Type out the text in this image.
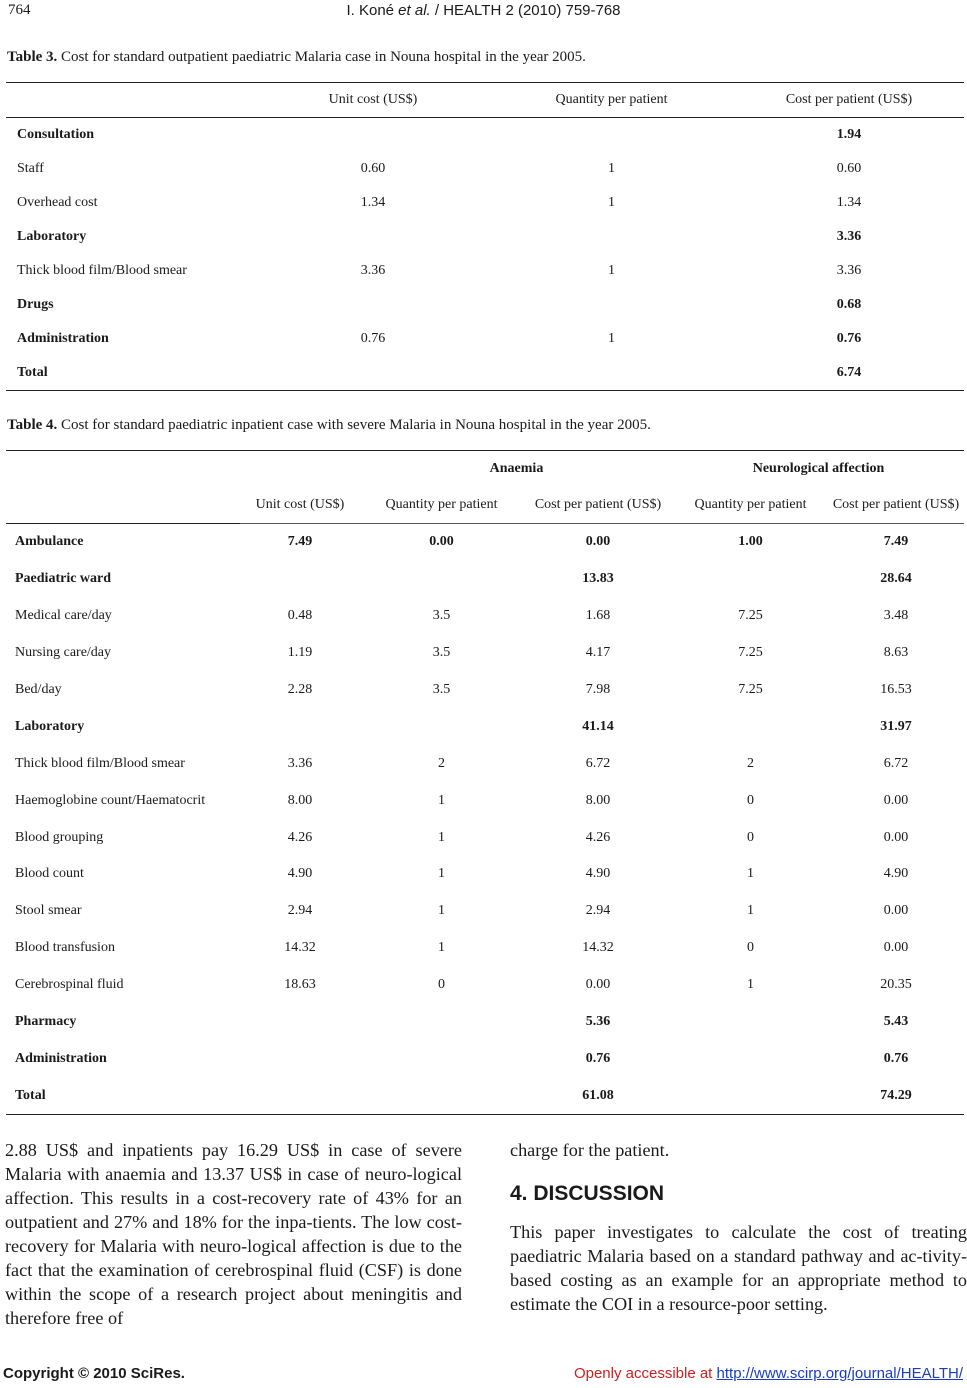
764	I. Koné et al. / HEALTH 2 (2010) 759-768
Table 3. Cost for standard outpatient paediatric Malaria case in Nouna hospital in the year 2005.
	Unit cost (US$)	Quantity per patient	Cost per patient (US$)
Consultation			1.94
Staff	0.60	1	0.60
Overhead cost	1.34	1	1.34
Laboratory			3.36
Thick blood film/Blood smear	3.36	1	3.36
Drugs			0.68
Administration	0.76	1	0.76
Total			6.74
Table 4. Cost for standard paediatric inpatient case with severe Malaria in Nouna hospital in the year 2005.
		Anaemia		Neurological affection	
	Unit cost (US$)	Quantity per patient	Cost per patient (US$)	Quantity per patient	Cost per patient (US$)
Ambulance	7.49	0.00	0.00	1.00	7.49
Paediatric ward			13.83		28.64
Medical care/day	0.48	3.5	1.68	7.25	3.48
Nursing care/day	1.19	3.5	4.17	7.25	8.63
Bed/day	2.28	3.5	7.98	7.25	16.53
Laboratory			41.14		31.97
Thick blood film/Blood smear	3.36	2	6.72	2	6.72
Haemoglobine count/Haematocrit	8.00	1	8.00	0	0.00
Blood grouping	4.26	1	4.26	0	0.00
Blood count	4.90	1	4.90	1	4.90
Stool smear	2.94	1	2.94	1	0.00
Blood transfusion	14.32	1	14.32	0	0.00
Cerebrospinal fluid	18.63	0	0.00	1	20.35
Pharmacy			5.36		5.43
Administration			0.76		0.76
Total			61.08		74.29

2.88 US$ and inpatients pay 16.29 US$ in case of severe Malaria with anaemia and 13.37 US$ in case of neuro-logical affection. This results in a cost-recovery rate of 43% for an outpatient and 27% and 18% for the inpa-tients. The low cost-recovery for Malaria with neuro-logical affection is due to the fact that the examination of cerebrospinal fluid (CSF) is done within the scope of a research project about meningitis and therefore free of

charge for the patient.

4. DISCUSSION

This paper investigates to calculate the cost of treating paediatric Malaria based on a standard pathway and ac-tivity-based costing as an example for an appropriate method to estimate the COI in a resource-poor setting.

Copyright © 2010 SciRes.	Openly accessible at http://www.scirp.org/journal/HEALTH/
